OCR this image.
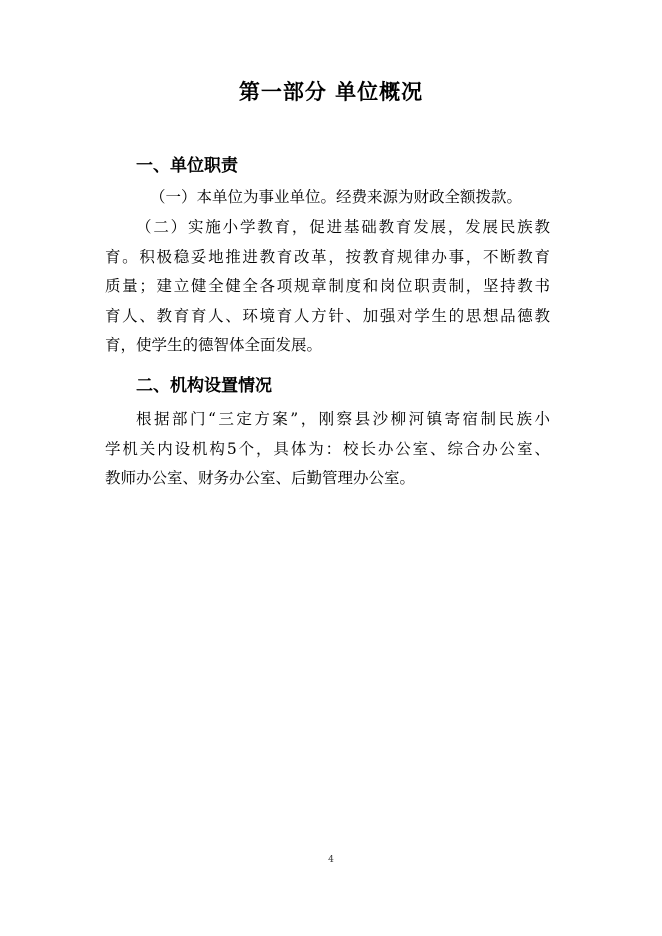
第一部分 单位概况
一、单位职责
（一）本单位为事业单位。经费来源为财政全额拨款。
（二）实施小学教育，促进基础教育发展，发展民族教
育。积极稳妥地推进教育改革，按教育规律办事，不断教育
质量；建立健全健全各项规章制度和岗位职责制，坚持教书
育人、教育育人、环境育人方针、加强对学生的思想品德教
育，使学生的德智体全面发展。
二、机构设置情况
根据部门“三定方案”，刚察县沙柳河镇寄宿制民族小
学机关内设机构5个，具体为：校长办公室、综合办公室、
教师办公室、财务办公室、后勤管理办公室。
4
